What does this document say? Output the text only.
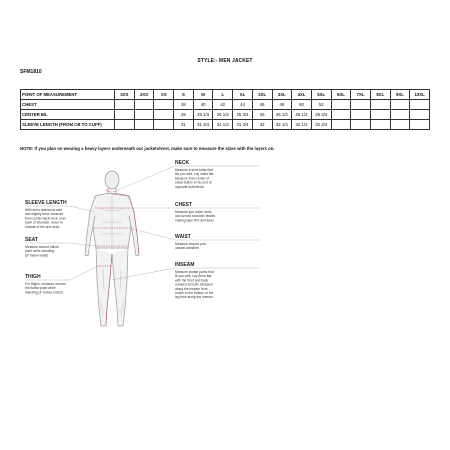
STYLE:- MEN JACKET
SFM1810
POINT OF MEASUREMENT	3XS	2XS	XS	S	M	L	XL	2XL	3XL	4XL	5XL	6XL	7XL	8XL	9XL	10XL
CHEST				38	40	42	44	46	48	50	52					
CENTER B/L				25	25 1/4	25 1/2	25 3/4	26	26 1/4	26 1/2	26 3/4					
SLEEVE LENGTH (FROM CB TO CUFF)				31	31 3/4	31 1/2	31 3/4	32	32 1/4	32 1/2	32 3/4					
NOTE: If you plan on wearing a heavy layers underneath our jackets/vest, make sure to measure the sizes with the layers on.
NECK
Measure a shirt collar that
fits you well. Lay collar flat.
Measure from center of
collar button to far end of
opposite buttonhole.
CHEST
Measure just under arms
and across shoulder blades
holding tape firm and level.
WAIST
Measure around your
natural waistline.
INSEAM
Measure similar pants that
fit you well. Lay them flat,
with the front and back
creased smooth. Measure
along the inseam from
crotch to the bottom of the
leg hem along the inseam.
SLEEVE LENGTH
With arms relaxed at side
and slightly bent, measure
from center back neck, over
point of shoulder, down to
outside of the arm wrist.
SEAT
Measure around fullest
point while standing.
(8" below waist)
THIGH
For thighs, measure around
the fullest point while
standing (4" below crotch)
